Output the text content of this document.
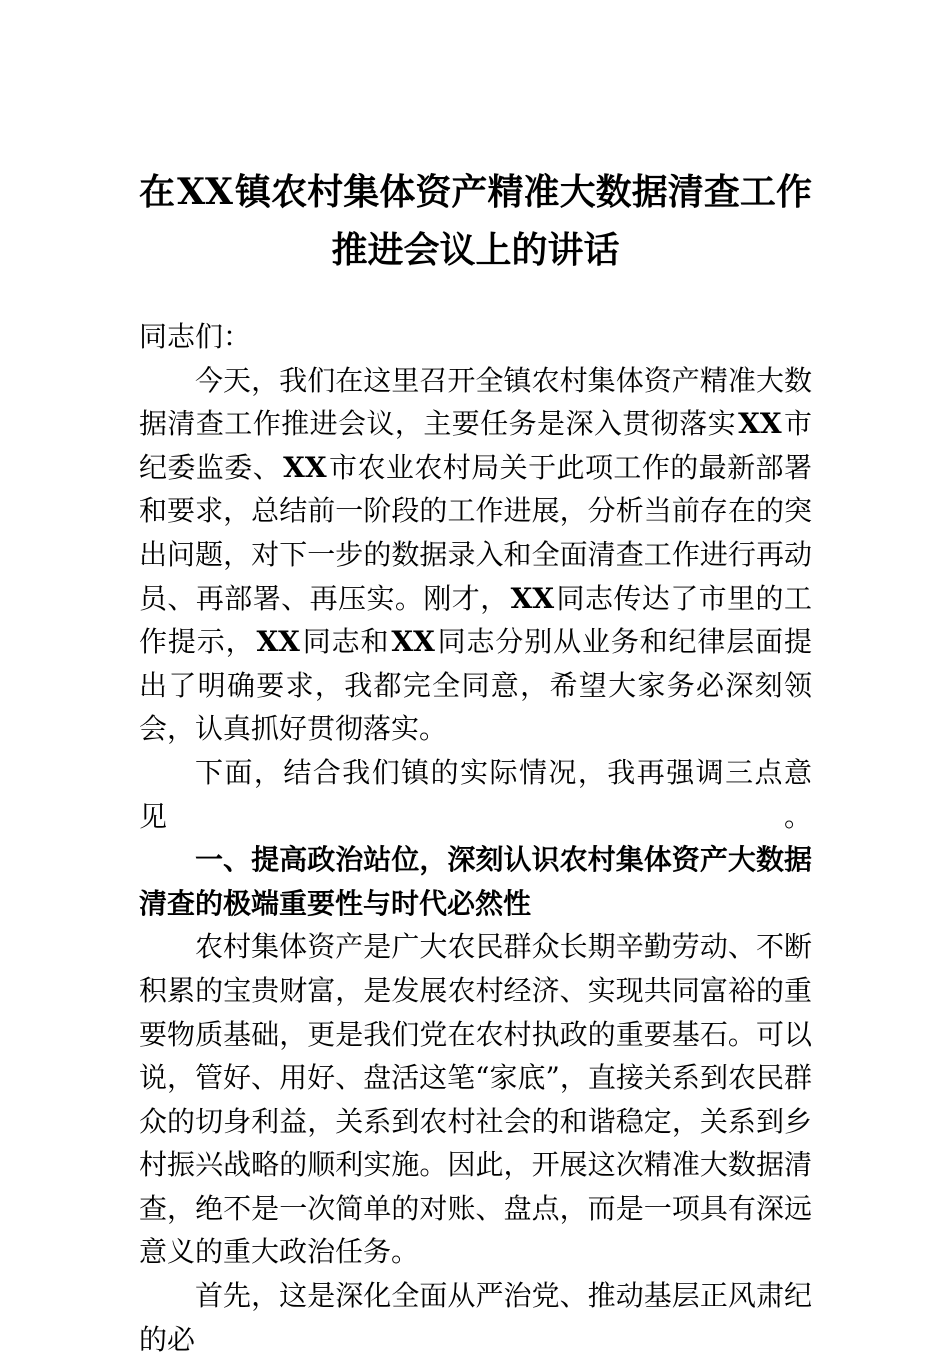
在XX镇农村集体资产精准大数据清查工作
推进会议上的讲话

同志们：

今天，我们在这里召开全镇农村集体资产精准大数据清查工作推进会议，主要任务是深入贯彻落实XX市纪委监委、XX市农业农村局关于此项工作的最新部署和要求，总结前一阶段的工作进展，分析当前存在的突出问题，对下一步的数据录入和全面清查工作进行再动员、再部署、再压实。刚才，XX同志传达了市里的工作提示，XX同志和XX同志分别从业务和纪律层面提出了明确要求，我都完全同意，希望大家务必深刻领会，认真抓好贯彻落实。

下面，结合我们镇的实际情况，我再强调三点意见。

一、提高政治站位，深刻认识农村集体资产大数据清查的极端重要性与时代必然性

农村集体资产是广大农民群众长期辛勤劳动、不断积累的宝贵财富，是发展农村经济、实现共同富裕的重要物质基础，更是我们党在农村执政的重要基石。可以说，管好、用好、盘活这笔“家底”，直接关系到农民群众的切身利益，关系到农村社会的和谐稳定，关系到乡村振兴战略的顺利实施。因此，开展这次精准大数据清查，绝不是一次简单的对账、盘点，而是一项具有深远意义的重大政治任务。

首先，这是深化全面从严治党、推动基层正风肃纪的必
